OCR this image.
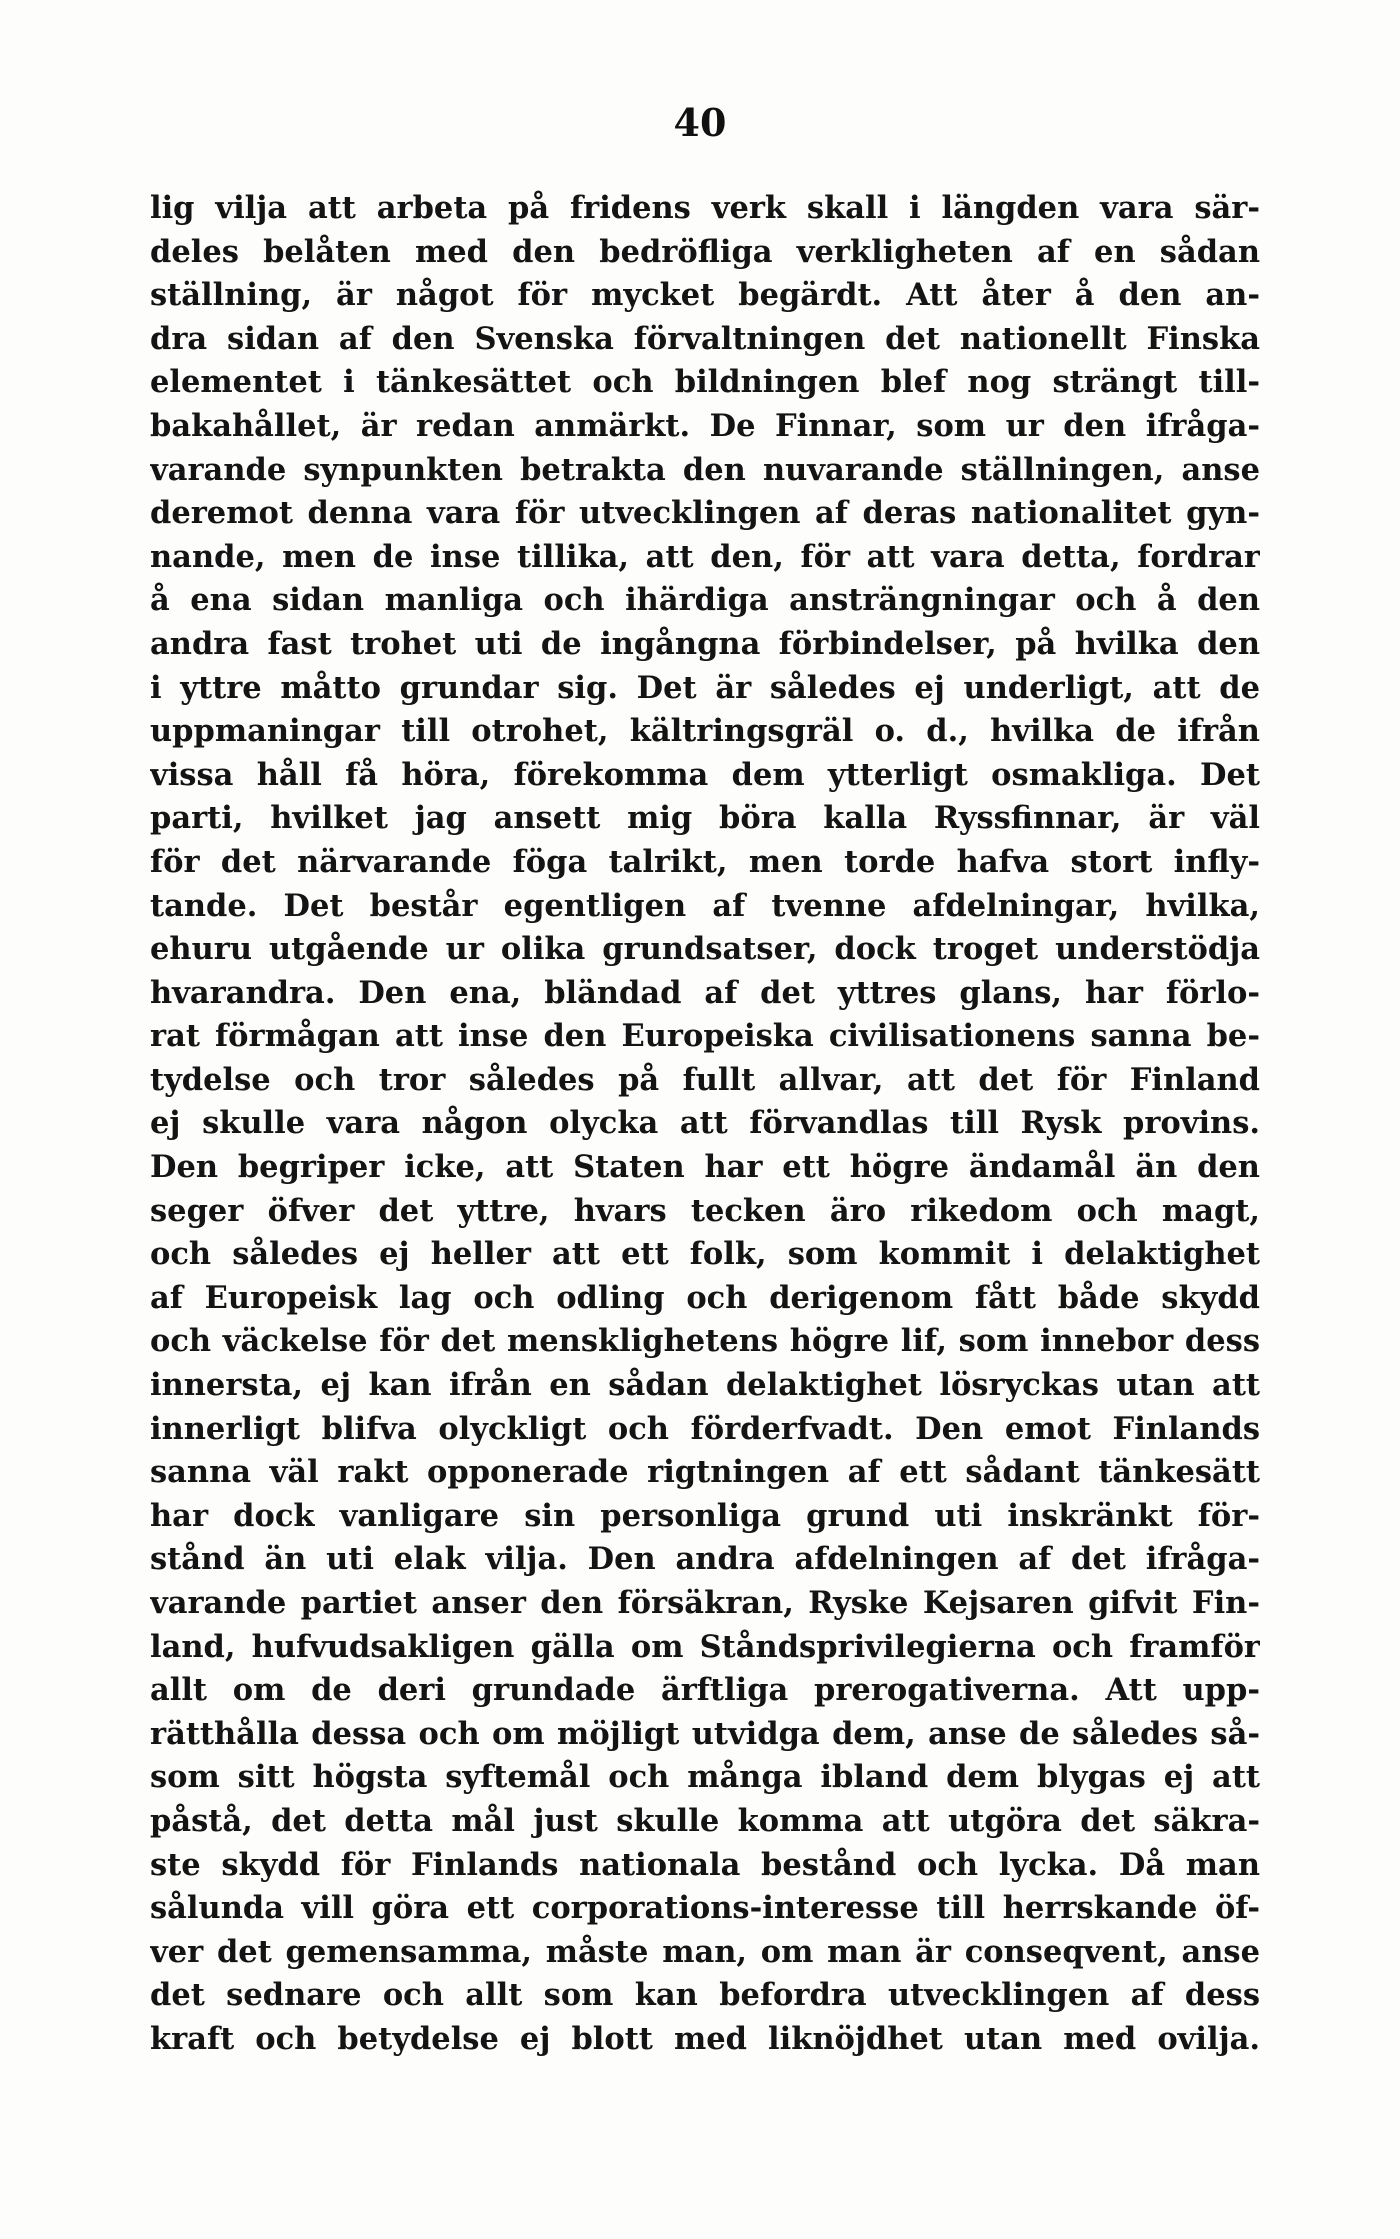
40
lig vilja att arbeta på fridens verk skall i längden vara sär-
deles belåten med den bedröfliga verkligheten af en sådan
ställning, är något för mycket begärdt. Att åter å den an-
dra sidan af den Svenska förvaltningen det nationellt Finska
elementet i tänkesättet och bildningen blef nog strängt till-
bakahållet, är redan anmärkt. De Finnar, som ur den ifråga-
varande synpunkten betrakta den nuvarande ställningen, anse
deremot denna vara för utvecklingen af deras nationalitet gyn-
nande, men de inse tillika, att den, för att vara detta, fordrar
å ena sidan manliga och ihärdiga ansträngningar och å den
andra fast trohet uti de ingångna förbindelser, på hvilka den
i yttre måtto grundar sig. Det är således ej underligt, att de
uppmaningar till otrohet, kältringsgräl o. d., hvilka de ifrån
vissa håll få höra, förekomma dem ytterligt osmakliga. Det
parti, hvilket jag ansett mig böra kalla Ryssfinnar, är väl
för det närvarande föga talrikt, men torde hafva stort infly-
tande. Det består egentligen af tvenne afdelningar, hvilka,
ehuru utgående ur olika grundsatser, dock troget understödja
hvarandra. Den ena, bländad af det yttres glans, har förlo-
rat förmågan att inse den Europeiska civilisationens sanna be-
tydelse och tror således på fullt allvar, att det för Finland
ej skulle vara någon olycka att förvandlas till Rysk provins.
Den begriper icke, att Staten har ett högre ändamål än den
seger öfver det yttre, hvars tecken äro rikedom och magt,
och således ej heller att ett folk, som kommit i delaktighet
af Europeisk lag och odling och derigenom fått både skydd
och väckelse för det mensklighetens högre lif, som innebor dess
innersta, ej kan ifrån en sådan delaktighet lösryckas utan att
innerligt blifva olyckligt och förderfvadt. Den emot Finlands
sanna väl rakt opponerade rigtningen af ett sådant tänkesätt
har dock vanligare sin personliga grund uti inskränkt för-
stånd än uti elak vilja. Den andra afdelningen af det ifråga-
varande partiet anser den försäkran, Ryske Kejsaren gifvit Fin-
land, hufvudsakligen gälla om Ståndsprivilegierna och framför
allt om de deri grundade ärftliga prerogativerna. Att upp-
rätthålla dessa och om möjligt utvidga dem, anse de således så-
som sitt högsta syftemål och många ibland dem blygas ej att
påstå, det detta mål just skulle komma att utgöra det säkra-
ste skydd för Finlands nationala bestånd och lycka. Då man
sålunda vill göra ett corporations-interesse till herrskande öf-
ver det gemensamma, måste man, om man är conseqvent, anse
det sednare och allt som kan befordra utvecklingen af dess
kraft och betydelse ej blott med liknöjdhet utan med ovilja.
